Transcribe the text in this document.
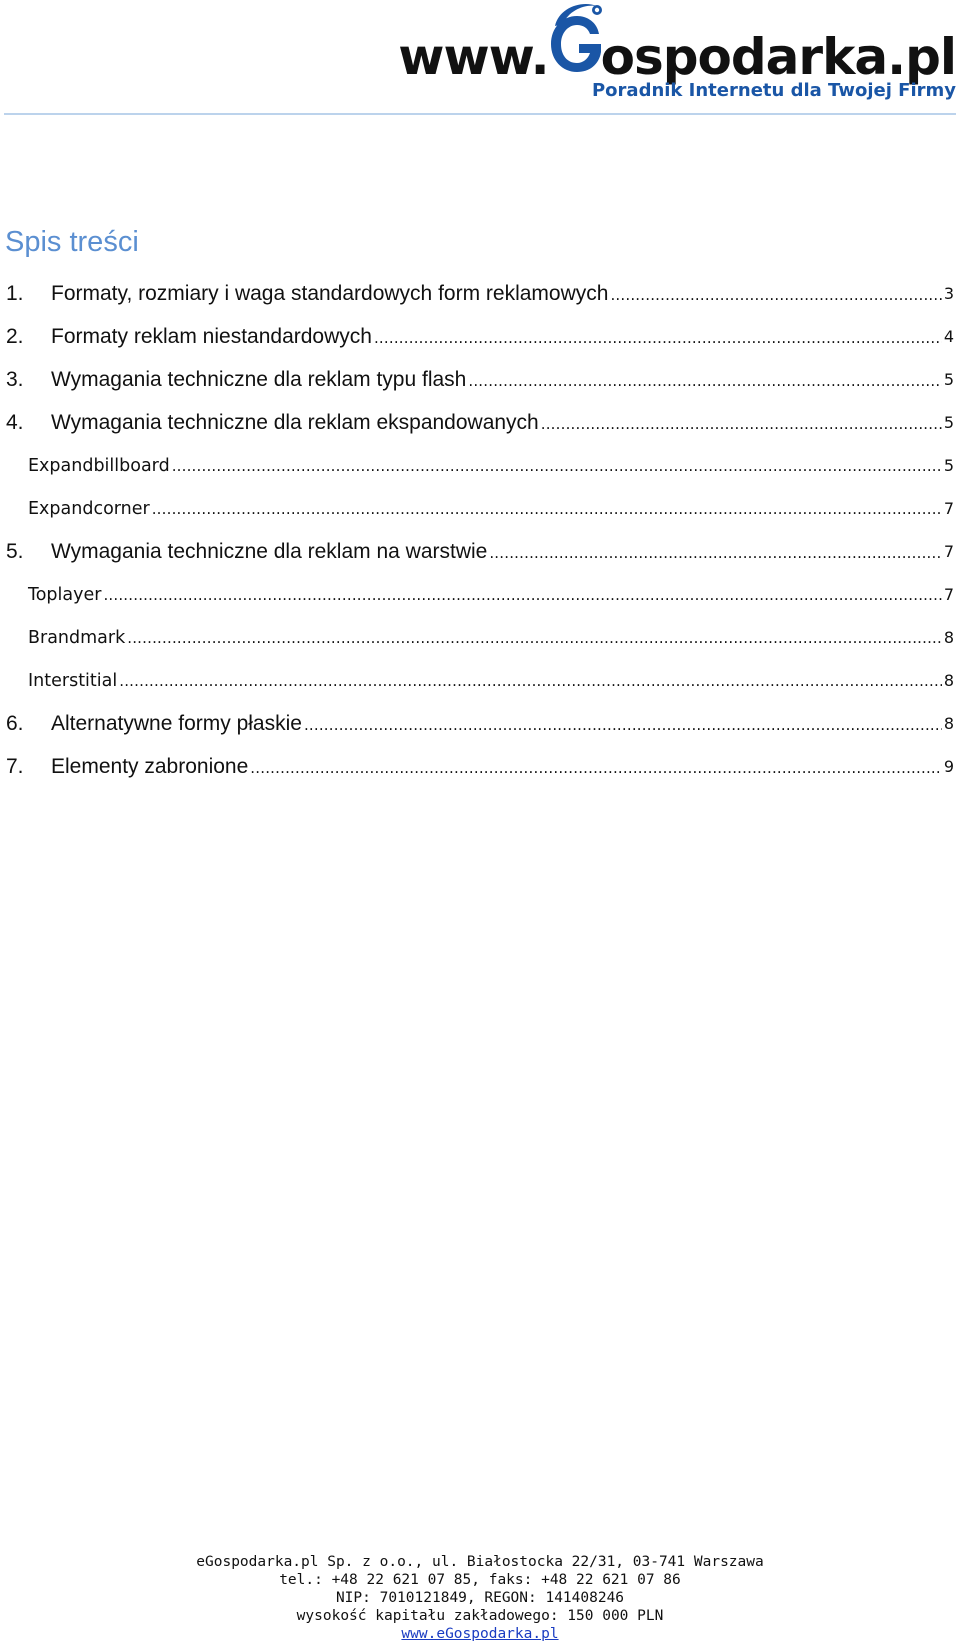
www. ospodarka.pl
Poradnik Internetu dla Twojej Firmy
Spis treści
1.	Formaty, rozmiary i waga standardowych form reklamowych .....	3
2.	Formaty reklam niestandardowych .....	4
3.	Wymagania techniczne dla reklam typu flash .....	5
4.	Wymagania techniczne dla reklam ekspandowanych .....	5
Expandbillboard .....	5
Expandcorner .....	7
5.	Wymagania techniczne dla reklam na warstwie .....	7
Toplayer .....	7
Brandmark .....	8
Interstitial .....	8
6.	Alternatywne formy płaskie .....	8
7.	Elementy zabronione .....	9
eGospodarka.pl Sp. z o.o., ul. Białostocka 22/31, 03-741 Warszawa
tel.: +48 22 621 07 85, faks: +48 22 621 07 86
NIP: 7010121849, REGON: 141408246
wysokość kapitału zakładowego: 150 000 PLN
www.eGospodarka.pl
